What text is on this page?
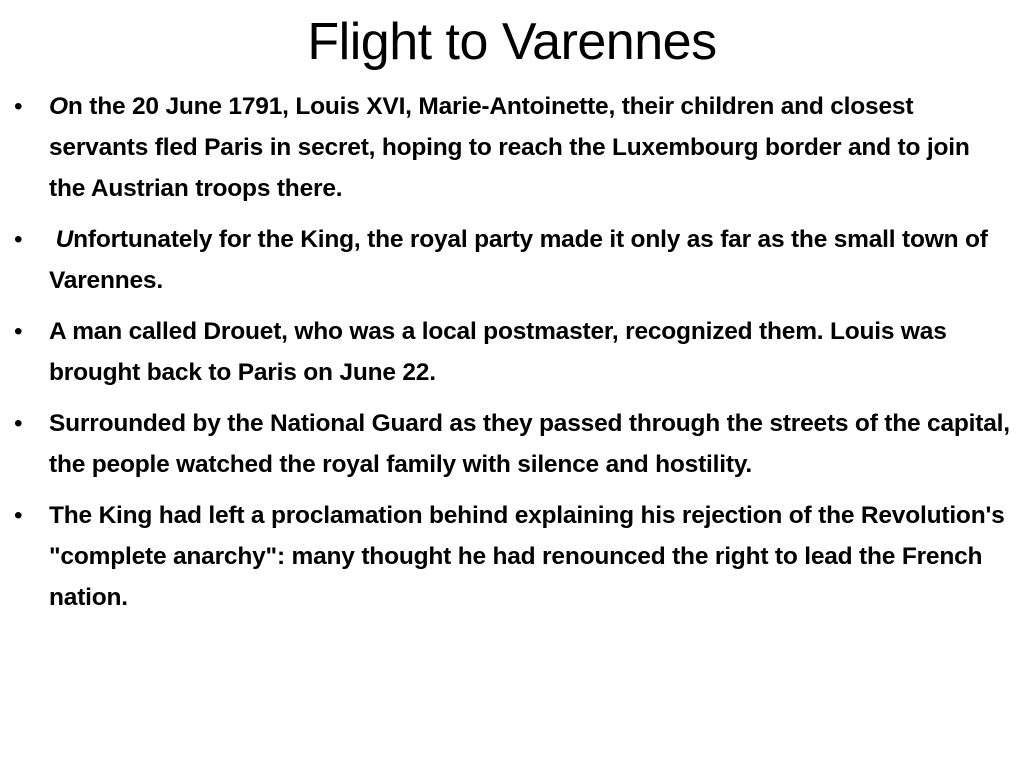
Flight to Varennes
• On the 20 June 1791, Louis XVI, Marie-Antoinette, their children and closest servants fled Paris in secret, hoping to reach the Luxembourg border and to join the Austrian troops there.
• Unfortunately for the King, the royal party made it only as far as the small town of Varennes.
• A man called Drouet, who was a local postmaster, recognized them. Louis was brought back to Paris on June 22.
• Surrounded by the National Guard as they passed through the streets of the capital, the people watched the royal family with silence and hostility.
• The King had left a proclamation behind explaining his rejection of the Revolution's "complete anarchy": many thought he had renounced the right to lead the French nation.
